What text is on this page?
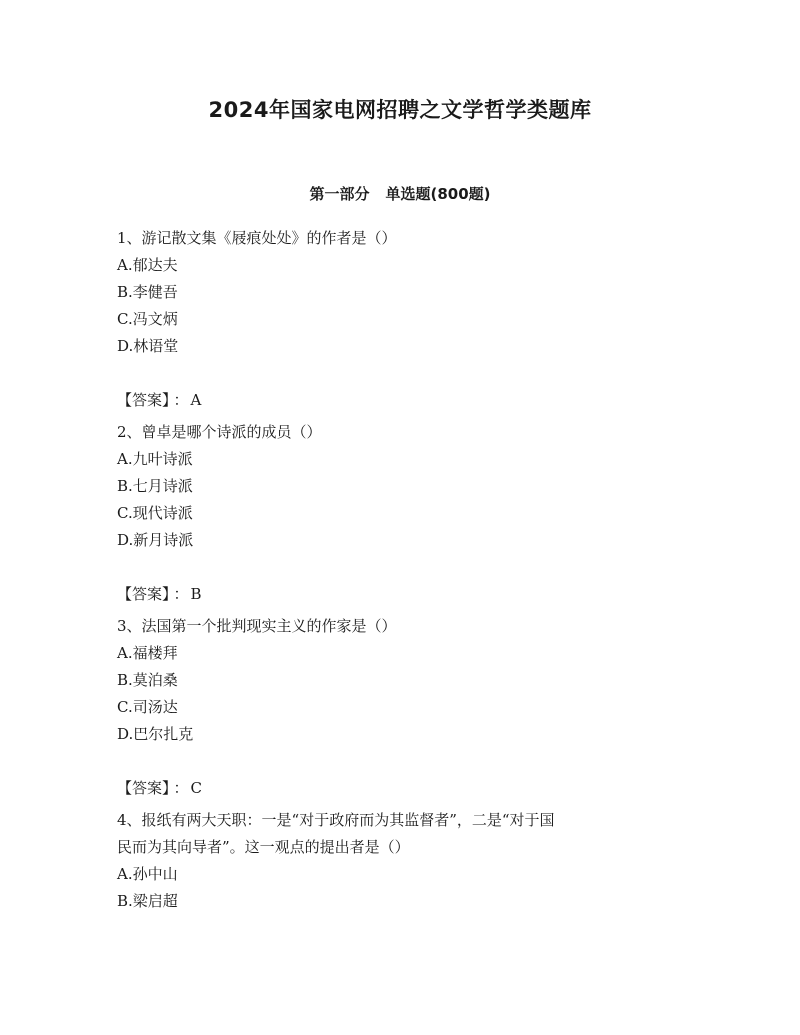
2024年国家电网招聘之文学哲学类题库
第一部分 单选题(800题)

1、游记散文集《屐痕处处》的作者是（）

A.郁达夫

B.李健吾

C.冯文炳

D.林语堂

【答案】 ： A

2、曾卓是哪个诗派的成员（）

A.九叶诗派

B.七月诗派

C.现代诗派

D.新月诗派

【答案】 ： B

3、法国第一个批判现实主义的作家是（）

A.福楼拜

B.莫泊桑

C.司汤达

D.巴尔扎克

【答案】 ： C

4、报纸有两大天职：一是“对于政府而为其监督者”，二是“对于国

民而为其向导者”。这一观点的提出者是（）

A.孙中山

B.梁启超
